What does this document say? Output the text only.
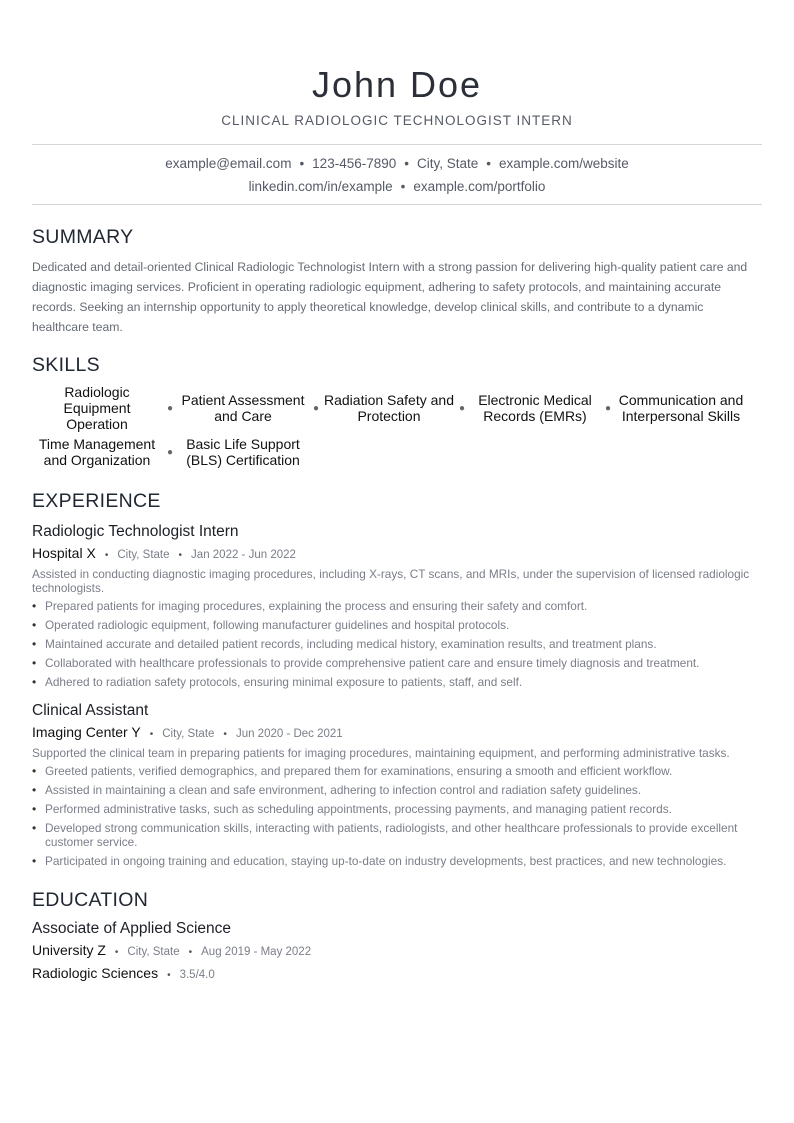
John Doe
CLINICAL RADIOLOGIC TECHNOLOGIST INTERN
example@email.com • 123-456-7890 • City, State • example.com/website
linkedin.com/in/example • example.com/portfolio
SUMMARY
Dedicated and detail-oriented Clinical Radiologic Technologist Intern with a strong passion for delivering high-quality patient care and diagnostic imaging services. Proficient in operating radiologic equipment, adhering to safety protocols, and maintaining accurate records. Seeking an internship opportunity to apply theoretical knowledge, develop clinical skills, and contribute to a dynamic healthcare team.
SKILLS
Radiologic Equipment Operation
● Patient Assessment and Care	● Radiation Safety and Protection	● Electronic Medical Records (EMRs)	● Communication and Interpersonal Skills
Time Management and Organization	● Basic Life Support (BLS) Certification
EXPERIENCE
Radiologic Technologist Intern
Hospital X • City, State • Jan 2022 - Jun 2022
Assisted in conducting diagnostic imaging procedures, including X-rays, CT scans, and MRIs, under the supervision of licensed radiologic technologists.
• Prepared patients for imaging procedures, explaining the process and ensuring their safety and comfort.
• Operated radiologic equipment, following manufacturer guidelines and hospital protocols.
• Maintained accurate and detailed patient records, including medical history, examination results, and treatment plans.
• Collaborated with healthcare professionals to provide comprehensive patient care and ensure timely diagnosis and treatment.
• Adhered to radiation safety protocols, ensuring minimal exposure to patients, staff, and self.
Clinical Assistant
Imaging Center Y • City, State • Jun 2020 - Dec 2021
Supported the clinical team in preparing patients for imaging procedures, maintaining equipment, and performing administrative tasks.
• Greeted patients, verified demographics, and prepared them for examinations, ensuring a smooth and efficient workflow.
• Assisted in maintaining a clean and safe environment, adhering to infection control and radiation safety guidelines.
• Performed administrative tasks, such as scheduling appointments, processing payments, and managing patient records.
• Developed strong communication skills, interacting with patients, radiologists, and other healthcare professionals to provide excellent customer service.
• Participated in ongoing training and education, staying up-to-date on industry developments, best practices, and new technologies.
EDUCATION
Associate of Applied Science
University Z • City, State • Aug 2019 - May 2022
Radiologic Sciences • 3.5/4.0
